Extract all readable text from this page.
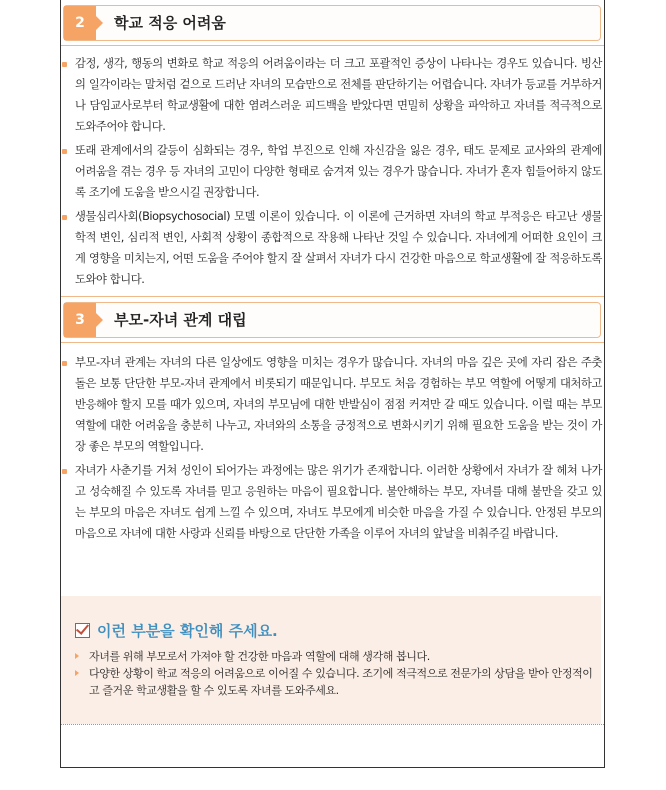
2	학교 적응 어려움
감정, 생각, 행동의 변화로 학교 적응의 어려움이라는 더 크고 포괄적인 증상이 나타나는 경우도 있습니다. 빙산의 일각이라는 말처럼 겉으로 드러난 자녀의 모습만으로 전체를 판단하기는 어렵습니다. 자녀가 등교를 거부하거나 담임교사로부터 학교생활에 대한 염려스러운 피드백을 받았다면 면밀히 상황을 파악하고 자녀를 적극적으로 도와주어야 합니다.
또래 관계에서의 갈등이 심화되는 경우, 학업 부진으로 인해 자신감을 잃은 경우, 태도 문제로 교사와의 관계에 어려움을 겪는 경우 등 자녀의 고민이 다양한 형태로 숨겨져 있는 경우가 많습니다. 자녀가 혼자 힘들어하지 않도록 조기에 도움을 받으시길 권장합니다.
생물심리사회(Biopsychosocial) 모델 이론이 있습니다. 이 이론에 근거하면 자녀의 학교 부적응은 타고난 생물학적 변인, 심리적 변인, 사회적 상황이 종합적으로 작용해 나타난 것일 수 있습니다. 자녀에게 어떠한 요인이 크게 영향을 미치는지, 어떤 도움을 주어야 할지 잘 살펴서 자녀가 다시 건강한 마음으로 학교생활에 잘 적응하도록 도와야 합니다.
3	부모-자녀 관계 대립
부모-자녀 관계는 자녀의 다른 일상에도 영향을 미치는 경우가 많습니다. 자녀의 마음 깊은 곳에 자리 잡은 주춧돌은 보통 단단한 부모-자녀 관계에서 비롯되기 때문입니다. 부모도 처음 경험하는 부모 역할에 어떻게 대처하고 반응해야 할지 모를 때가 있으며, 자녀의 부모님에 대한 반발심이 점점 커져만 갈 때도 있습니다. 이럴 때는 부모 역할에 대한 어려움을 충분히 나누고, 자녀와의 소통을 긍정적으로 변화시키기 위해 필요한 도움을 받는 것이 가장 좋은 부모의 역할입니다.
자녀가 사춘기를 거쳐 성인이 되어가는 과정에는 많은 위기가 존재합니다. 이러한 상황에서 자녀가 잘 헤쳐 나가고 성숙해질 수 있도록 자녀를 믿고 응원하는 마음이 필요합니다. 불안해하는 부모, 자녀를 대해 불만을 갖고 있는 부모의 마음은 자녀도 쉽게 느낄 수 있으며, 자녀도 부모에게 비슷한 마음을 가질 수 있습니다. 안정된 부모의 마음으로 자녀에 대한 사랑과 신뢰를 바탕으로 단단한 가족을 이루어 자녀의 앞날을 비춰주길 바랍니다.
이런 부분을 확인해 주세요.
자녀를 위해 부모로서 가져야 할 건강한 마음과 역할에 대해 생각해 봅니다.
다양한 상황이 학교 적응의 어려움으로 이어질 수 있습니다. 조기에 적극적으로 전문가의 상담을 받아 안정적이고 즐거운 학교생활을 할 수 있도록 자녀를 도와주세요.
